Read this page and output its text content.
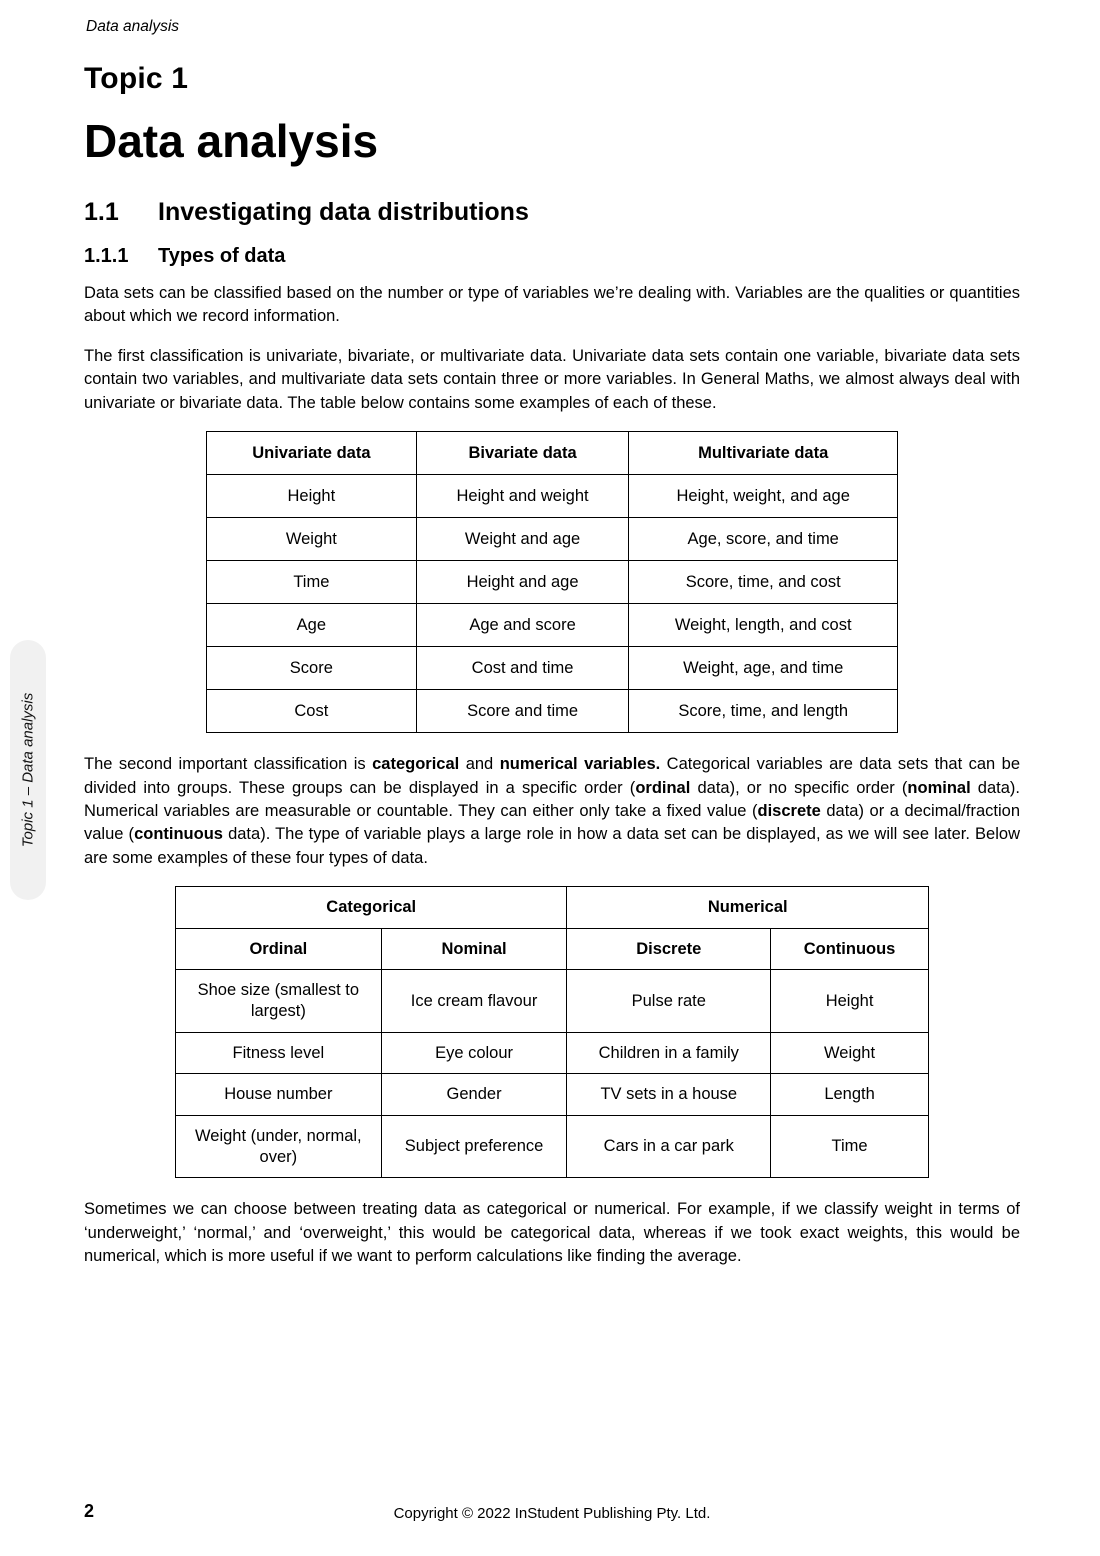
Data analysis
Topic 1 – Data analysis
Topic 1
Data analysis
1.1 Investigating data distributions
1.1.1 Types of data

Data sets can be classified based on the number or type of variables we’re dealing with. Variables are the qualities or quantities about which we record information.

The first classification is univariate, bivariate, or multivariate data. Univariate data sets contain one variable, bivariate data sets contain two variables, and multivariate data sets contain three or more variables. In General Maths, we almost always deal with univariate or bivariate data. The table below contains some examples of each of these.

Univariate data	Bivariate data	Multivariate data
Height	Height and weight	Height, weight, and age
Weight	Weight and age	Age, score, and time
Time	Height and age	Score, time, and cost
Age	Age and score	Weight, length, and cost
Score	Cost and time	Weight, age, and time
Cost	Score and time	Score, time, and length

The second important classification is categorical and numerical variables. Categorical variables are data sets that can be divided into groups. These groups can be displayed in a specific order (ordinal data), or no specific order (nominal data). Numerical variables are measurable or countable. They can either only take a fixed value (discrete data) or a decimal/fraction value (continuous data). The type of variable plays a large role in how a data set can be displayed, as we will see later. Below are some examples of these four types of data.

Categorical		Numerical	
Ordinal	Nominal	Discrete	Continuous
Shoe size (smallest to largest)	Ice cream flavour	Pulse rate	Height
Fitness level	Eye colour	Children in a family	Weight
House number	Gender	TV sets in a house	Length
Weight (under, normal, over)	Subject preference	Cars in a car park	Time

Sometimes we can choose between treating data as categorical or numerical. For example, if we classify weight in terms of ‘underweight,’ ‘normal,’ and ‘overweight,’ this would be categorical data, whereas if we took exact weights, this would be numerical, which is more useful if we want to perform calculations like finding the average.

2	Copyright © 2022 InStudent Publishing Pty. Ltd.
